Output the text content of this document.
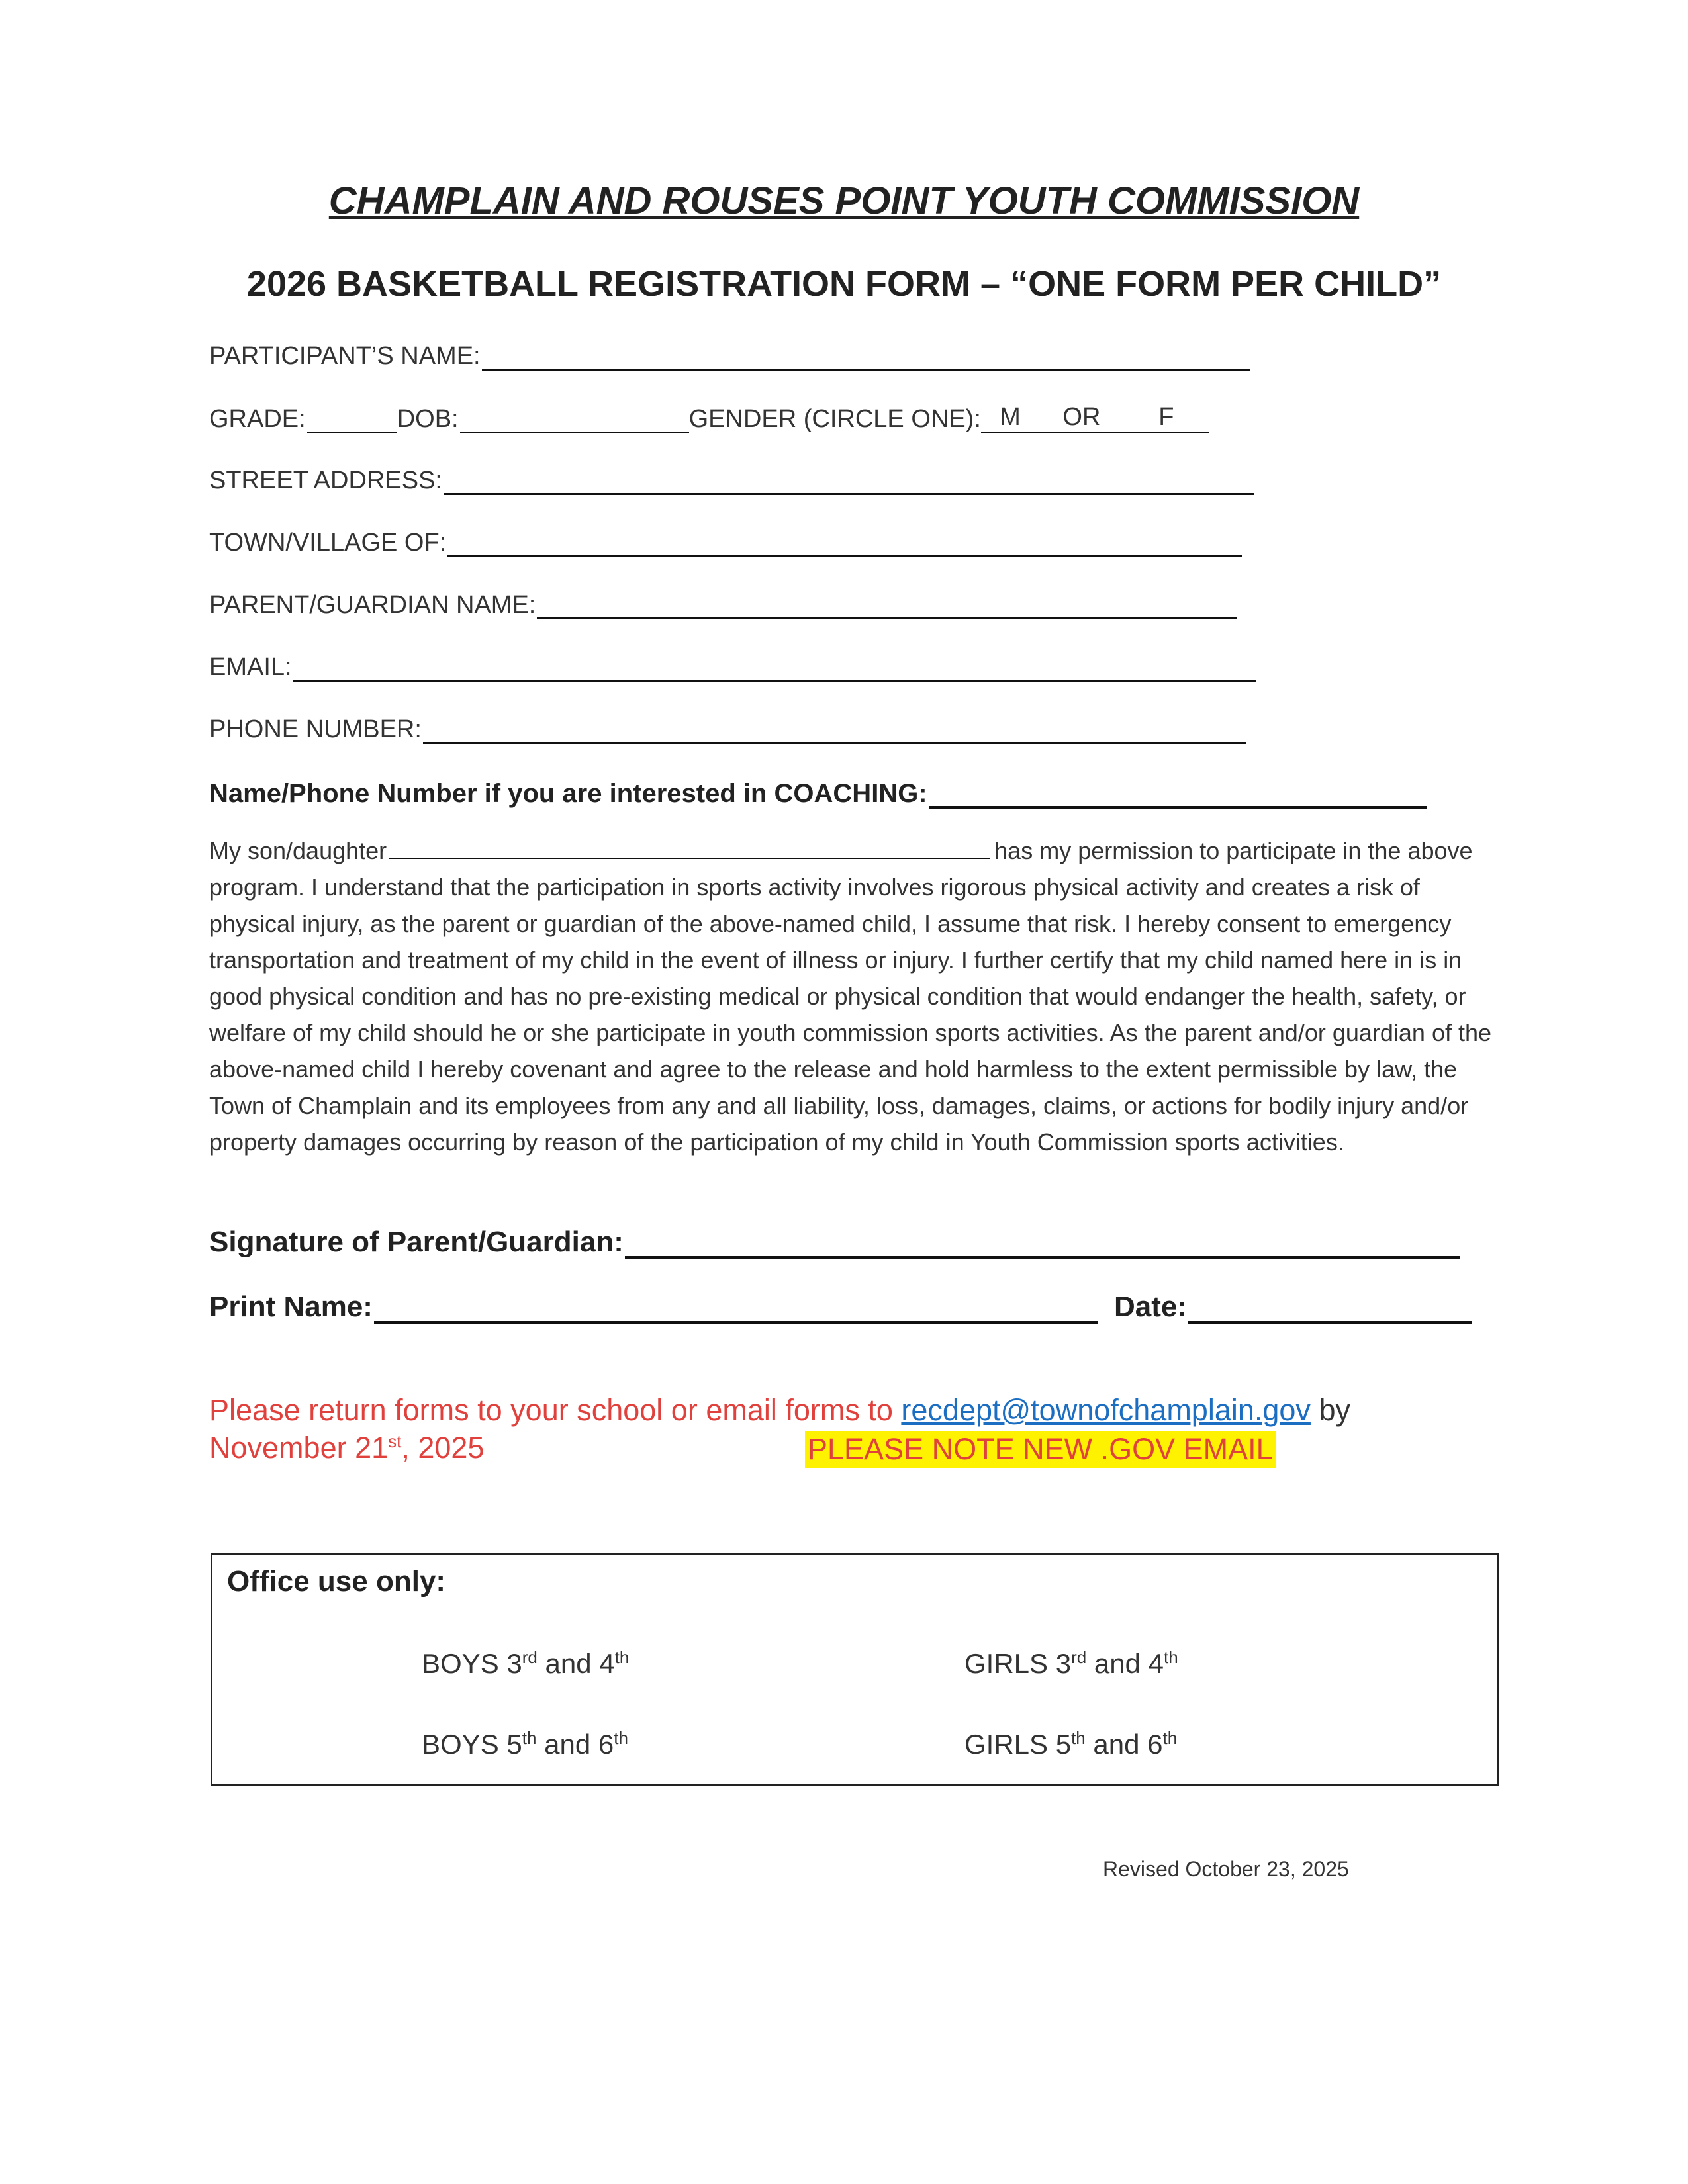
CHAMPLAIN AND ROUSES POINT YOUTH COMMISSION
2026 BASKETBALL REGISTRATION FORM – “ONE FORM PER CHILD”
PARTICIPANT’S NAME:
GRADE:	DOB:	GENDER (CIRCLE ONE): M	OR	F
STREET ADDRESS:
TOWN/VILLAGE OF:
PARENT/GUARDIAN NAME:
EMAIL:
PHONE NUMBER:
Name/Phone Number if you are interested in COACHING:
My son/daughter	has my permission to participate in the above program. I understand that the participation in sports activity involves rigorous physical activity and creates a risk of physical injury, as the parent or guardian of the above-named child, I assume that risk. I hereby consent to emergency transportation and treatment of my child in the event of illness or injury. I further certify that my child named here in is in good physical condition and has no pre-existing medical or physical condition that would endanger the health, safety, or welfare of my child should he or she participate in youth commission sports activities. As the parent and/or guardian of the above-named child I hereby covenant and agree to the release and hold harmless to the extent permissible by law, the Town of Champlain and its employees from any and all liability, loss, damages, claims, or actions for bodily injury and/or property damages occurring by reason of the participation of my child in Youth Commission sports activities.
Signature of Parent/Guardian:
Print Name:	Date:
Please return forms to your school or email forms to recdept@townofchamplain.gov by
November 21st, 2025	PLEASE NOTE NEW .GOV EMAIL
Office use only:
BOYS 3rd and 4th	GIRLS 3rd and 4th
BOYS 5th and 6th	GIRLS 5th and 6th
Revised October 23, 2025
